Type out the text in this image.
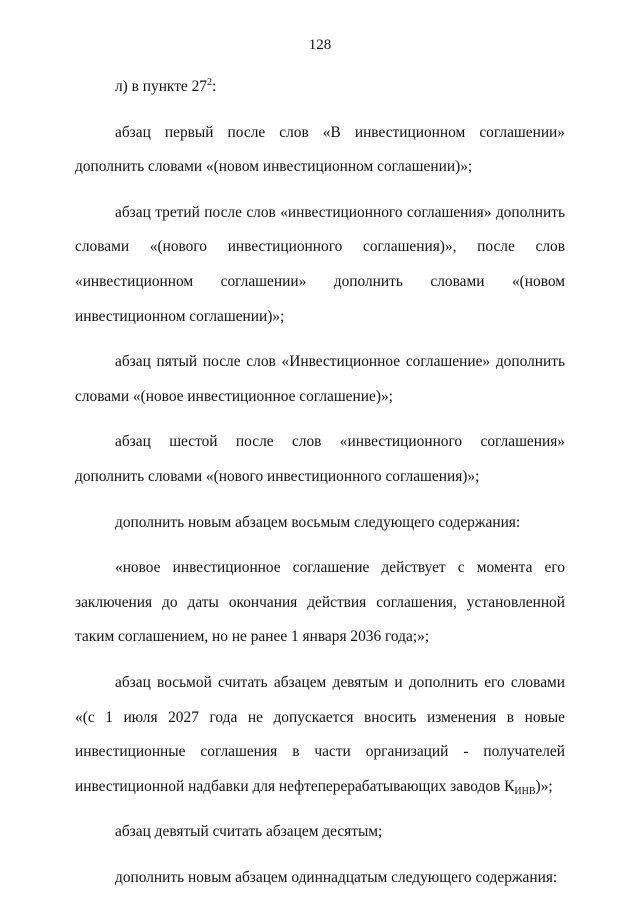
128

л) в пункте $27^2$:

абзац первый после слов «В инвестиционном соглашении» дополнить словами «(новом инвестиционном соглашении)»;

абзац третий после слов «инвестиционного соглашения» дополнить словами «(нового инвестиционного соглашения)», после слов «инвестиционном соглашении» дополнить словами «(новом инвестиционном соглашении)»;

абзац пятый после слов «Инвестиционное соглашение» дополнить словами «(новое инвестиционное соглашение)»;

абзац шестой после слов «инвестиционного соглашения» дополнить словами «(нового инвестиционного соглашения)»;

дополнить новым абзацем восьмым следующего содержания:

«новое инвестиционное соглашение действует с момента его заключения до даты окончания действия соглашения, установленной таким соглашением, но не ранее 1 января 2036 года;»;

абзац восьмой считать абзацем девятым и дополнить его словами «(с 1 июля 2027 года не допускается вносить изменения в новые инвестиционные соглашения в части организаций - получателей инвестиционной надбавки для нефтеперерабатывающих заводов $К_{ИНВ}$)»;

абзац девятый считать абзацем десятым;

дополнить новым абзацем одиннадцатым следующего содержания:
